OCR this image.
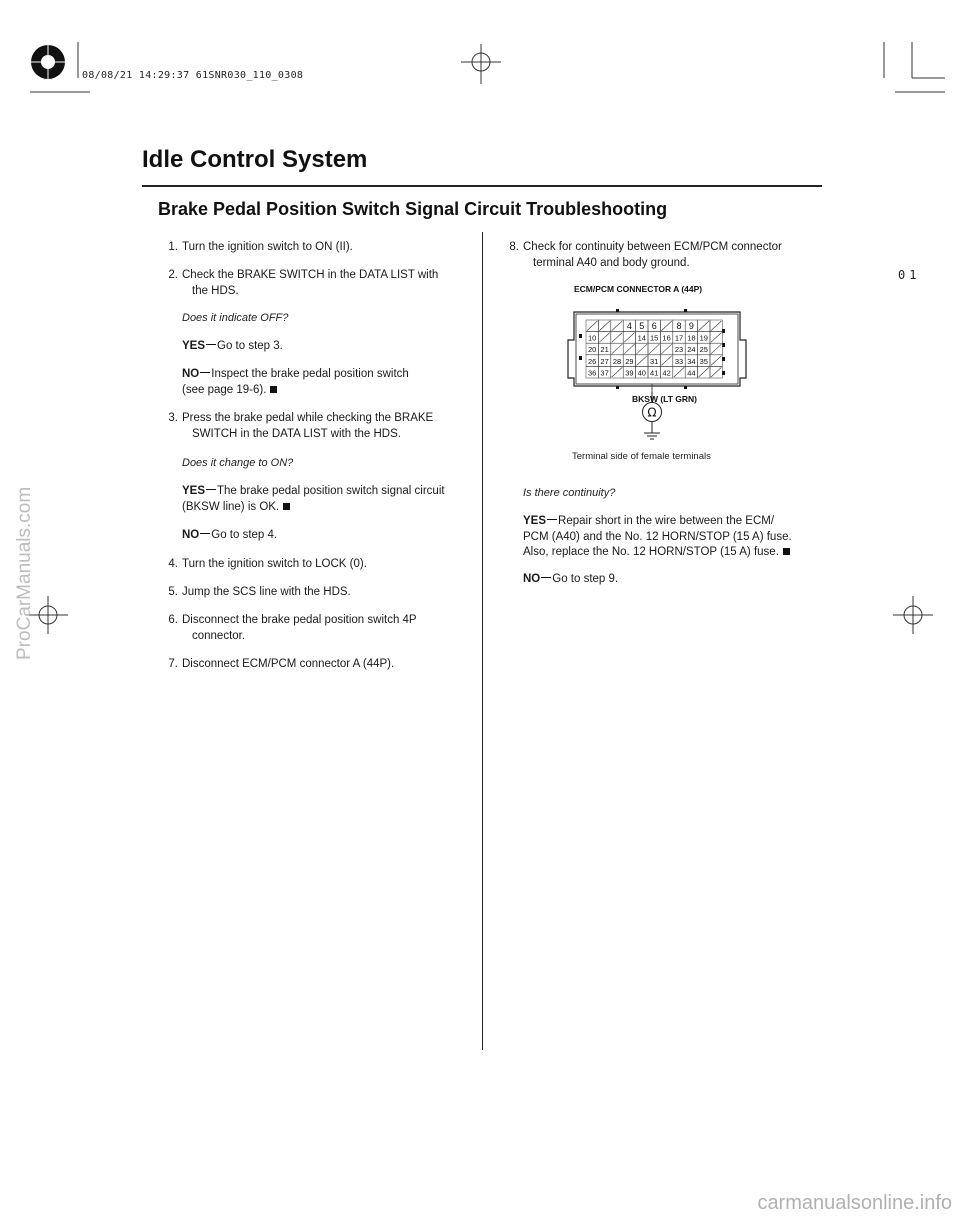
08/08/21 14:29:37 61SNR030_110_0308
01
Idle Control System
Brake Pedal Position Switch Signal Circuit Troubleshooting
1. Turn the ignition switch to ON (II).
2. Check the BRAKE SWITCH in the DATA LIST with
the HDS.
Does it indicate OFF?
YES Go to step 3.
NO Inspect the brake pedal position switch
(see page 19-6).
3. Press the brake pedal while checking the BRAKE
SWITCH in the DATA LIST with the HDS.
Does it change to ON?
YES The brake pedal position switch signal circuit
(BKSW line) is OK.
NO Go to step 4.
4. Turn the ignition switch to LOCK (0).
5. Jump the SCS line with the HDS.
6. Disconnect the brake pedal position switch 4P
connector.
7. Disconnect ECM/PCM connector A (44P).
8. Check for continuity between ECM/PCM connector
terminal A40 and body ground.
ECM/PCM CONNECTOR A (44P)
4 5 6 8 9
10	14 15 16 17 18 19
20 21	23 24 25
26 27 28 29 31 33 34 35
36 37 39 40 41 42 44
Ω
BKSW (LT GRN)
Terminal side of female terminals
Is there continuity?
YES Repair short in the wire between the ECM/
PCM (A40) and the No. 12 HORN/STOP (15 A) fuse.
Also, replace the No. 12 HORN/STOP (15 A) fuse.
NO Go to step 9.
ProCarManuals.com
carmanualsonline.info
